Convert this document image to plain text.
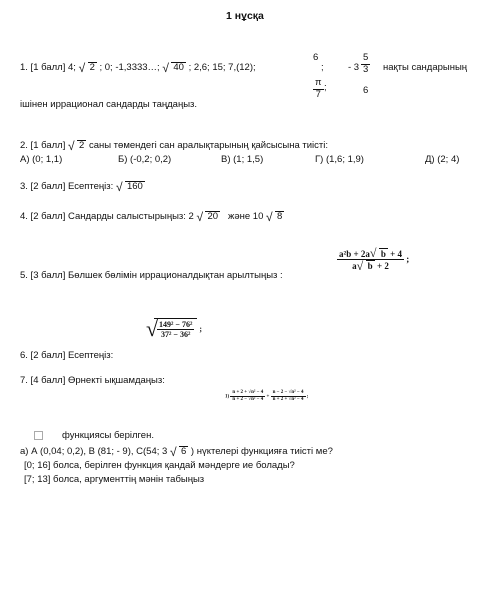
1 нұсқа
1. [1 балл] 4; √ 2 ; 0; -1,3333…; √ 40 ; 2,6; 15; 7,(12);
6
;
$\frac{\pi}{7}$ ;
- $3 \frac{5}{3}$
6
нақты сандарының
ішінен иррационал сандарды таңдаңыз.
2. [1 балл] √ 2 саны төмендегі сан аралықтарының қайсысына тиісті:
А) (0; 1,1)	Б) (-0,2; 0,2)	В) (1; 1,5)	Г) (1,6; 1,9)	Д) (2; 4)
3. [2 балл] Есептеңіз: √ 160
4. [2 балл] Сандарды салыстырыңыз: 2 √ 20 және 10 √ 8
5. [3 балл] Бөлшек бөлімін иррационалдықтан арылтыңыз :
$\frac{\text{a²b + 2a √ b + 4}}{a √ b + 2}$ ;
√
$\frac{\text{149² − 76²}}{\text{37² − 36²}}$ ;
6. [2 балл] Есептеңіз:
7. [4 балл] Өрнекті ықшамдаңыз:
$1) \frac{\text{n + 2 + √n² − 4}}{\text{n + 2 − √n² − 4}} + \frac{\text{n − 2 − √n² − 4}}{\text{n + 2 + √n² − 4}}$ ;
функциясы берілген.
а) А (0,04; 0,2), В (81; - 9), С(54; 3 √ 6 ) нүктелері функцияға тиісті ме?
[0; 16] болса, берілген функция қандай мәндерге ие болады?
[7; 13] болса, аргументтің мәнін табыңыз
